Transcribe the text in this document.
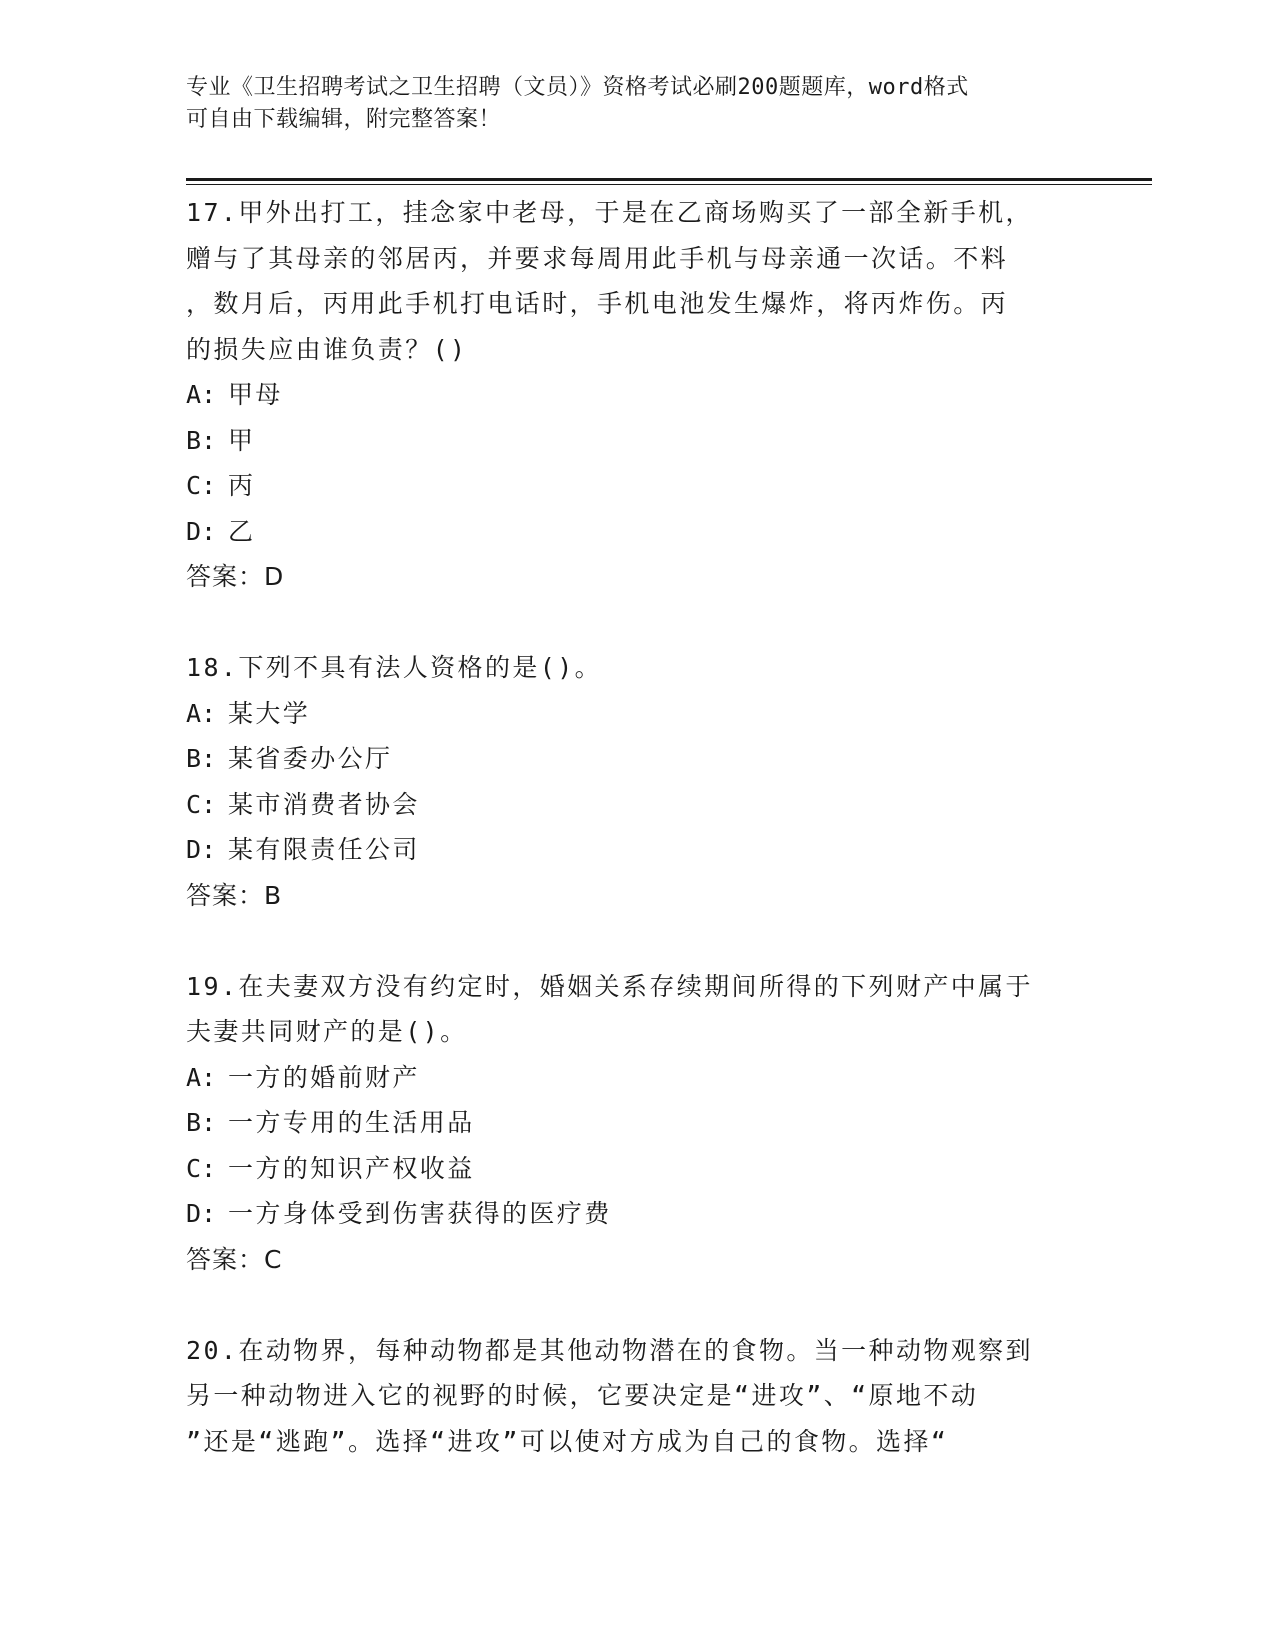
专业《卫生招聘考试之卫生招聘（文员）》资格考试必刷200题题库，word格式
可自由下载编辑，附完整答案！
17.甲外出打工，挂念家中老母，于是在乙商场购买了一部全新手机，
赠与了其母亲的邻居丙，并要求每周用此手机与母亲通一次话。不料
，数月后，丙用此手机打电话时，手机电池发生爆炸，将丙炸伤。丙
的损失应由谁负责？()
A: 甲母
B: 甲
C: 丙
D: 乙
答案：D
18.下列不具有法人资格的是()。
A: 某大学
B: 某省委办公厅
C: 某市消费者协会
D: 某有限责任公司
答案：B
19.在夫妻双方没有约定时，婚姻关系存续期间所得的下列财产中属于
夫妻共同财产的是()。
A: 一方的婚前财产
B: 一方专用的生活用品
C: 一方的知识产权收益
D: 一方身体受到伤害获得的医疗费
答案：C
20.在动物界，每种动物都是其他动物潜在的食物。当一种动物观察到
另一种动物进入它的视野的时候，它要决定是“进攻”、“原地不动
”还是“逃跑”。选择“进攻”可以使对方成为自己的食物。选择“
